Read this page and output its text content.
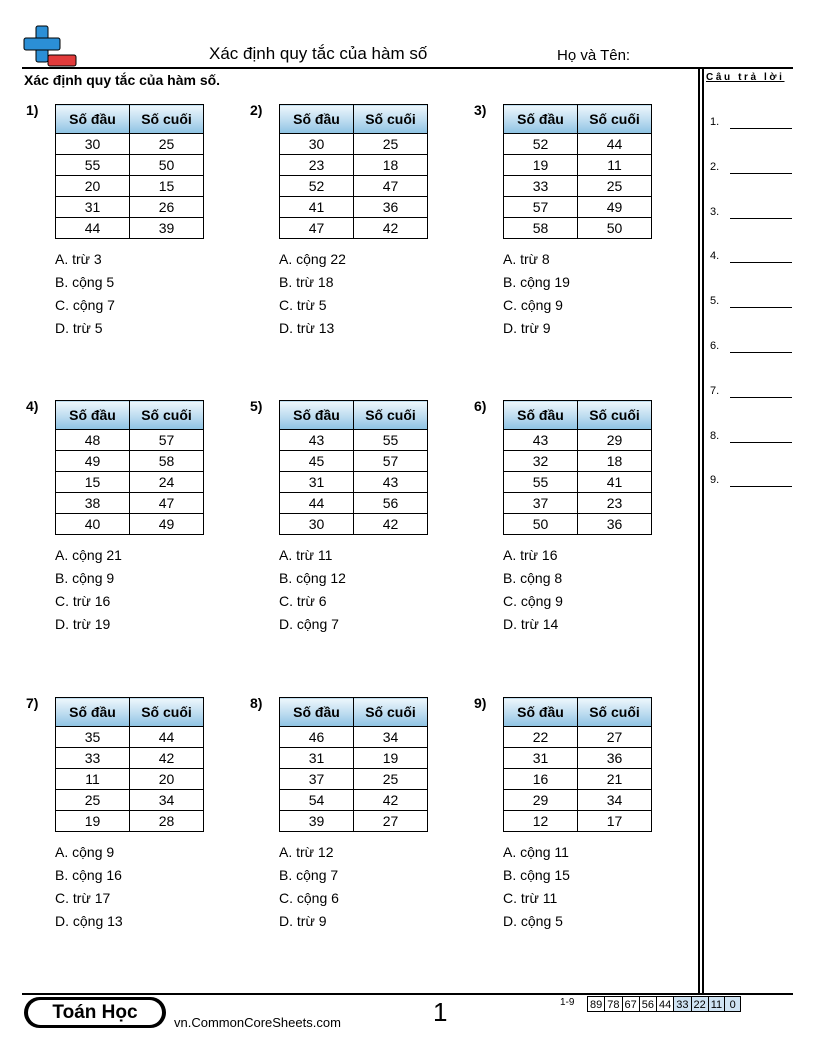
Xác định quy tắc của hàm số	Họ và Tên:
Xác định quy tắc của hàm số.	Câu trả lời
1.
2.
3.
4.
5.
6.
7.
8.
9.
1)
Số đầu	Số cuối
30	25
55	50
20	15
31	26
44	39
A. trừ 3
B. cộng 5
C. cộng 7
D. trừ 5
2)
Số đầu	Số cuối
30	25
23	18
52	47
41	36
47	42
A. cộng 22
B. trừ 18
C. trừ 5
D. trừ 13
3)
Số đầu	Số cuối
52	44
19	11
33	25
57	49
58	50
A. trừ 8
B. cộng 19
C. cộng 9
D. trừ 9
4)
Số đầu	Số cuối
48	57
49	58
15	24
38	47
40	49
A. cộng 21
B. cộng 9
C. trừ 16
D. trừ 19
5)
Số đầu	Số cuối
43	55
45	57
31	43
44	56
30	42
A. trừ 11
B. cộng 12
C. trừ 6
D. cộng 7
6)
Số đầu	Số cuối
43	29
32	18
55	41
37	23
50	36
A. trừ 16
B. cộng 8
C. cộng 9
D. trừ 14
7)
Số đầu	Số cuối
35	44
33	42
11	20
25	34
19	28
A. cộng 9
B. cộng 16
C. trừ 17
D. cộng 13
8)
Số đầu	Số cuối
46	34
31	19
37	25
54	42
39	27
A. trừ 12
B. cộng 7
C. cộng 6
D. trừ 9
9)
Số đầu	Số cuối
22	27
31	36
16	21
29	34
12	17
A. cộng 11
B. cộng 15
C. trừ 11
D. cộng 5
Toán Học	vn.CommonCoreSheets.com	1	1-9 89 78 67 56 44 33 22 11 0
